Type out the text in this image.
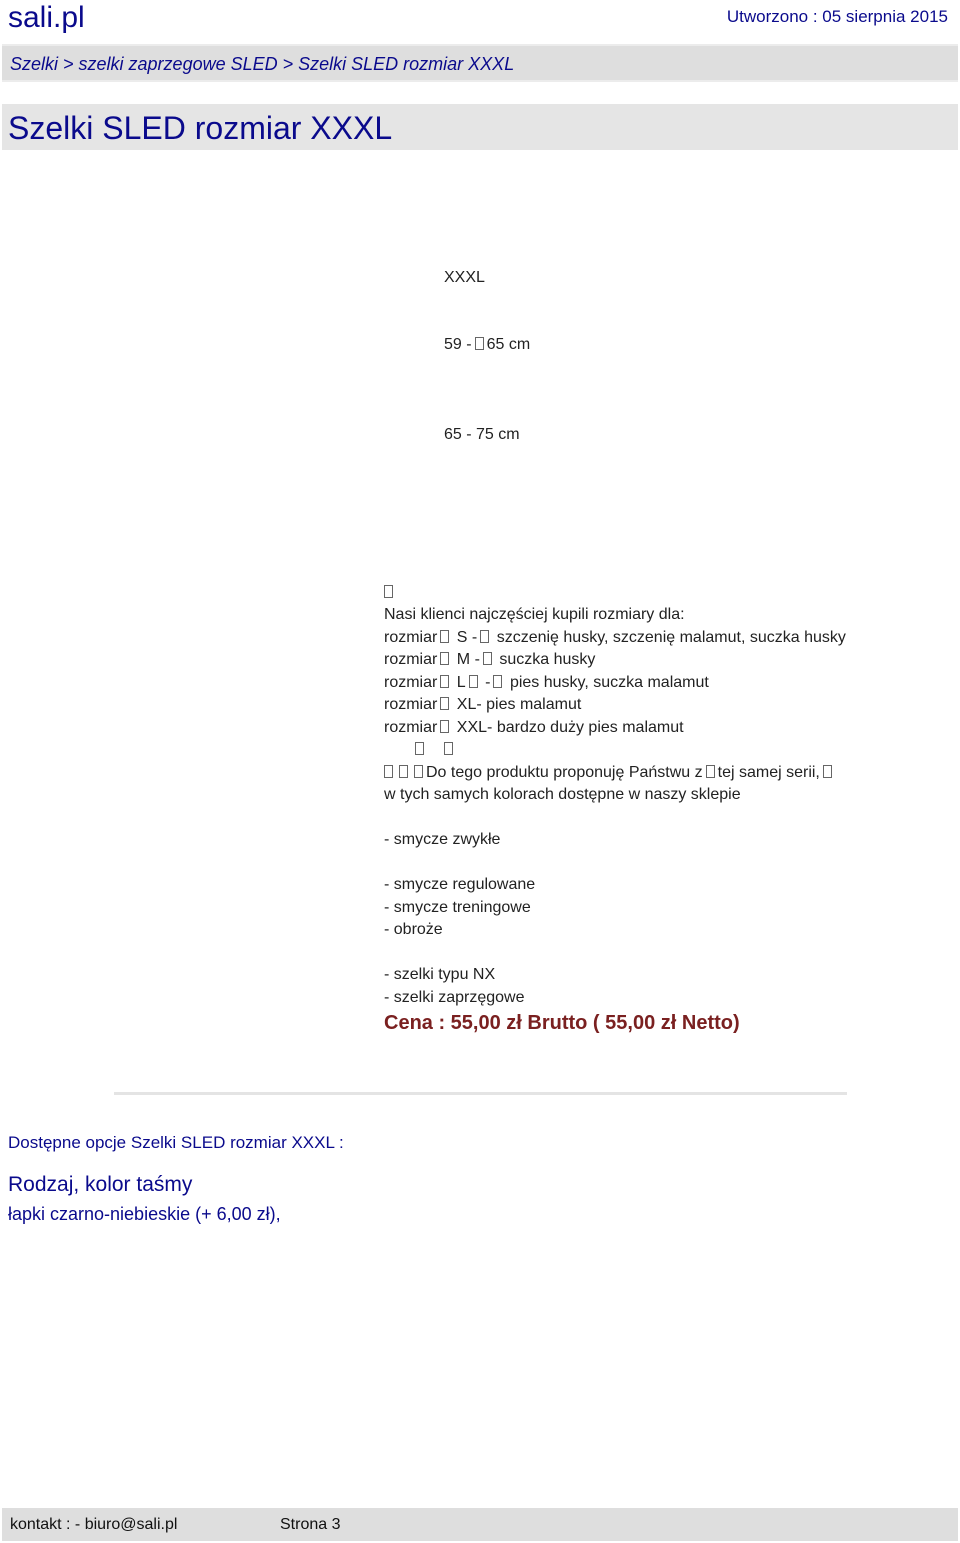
sali.pl	Utworzono : 05 sierpnia 2015
Szelki > szelki zaprzegowe SLED > Szelki SLED rozmiar XXXL
Szelki SLED rozmiar XXXL
XXXL
59 - 65 cm
65 - 75 cm
Nasi klienci najczęściej kupili rozmiary dla:
rozmiar S - szczenię husky, szczenię malamut, suczka husky
rozmiar M - suczka husky
rozmiar L - pies husky, suczka malamut
rozmiar XL- pies malamut
rozmiar XXL- bardzo duży pies malamut
Do tego produktu proponuję Państwu z tej samej serii,
w tych samych kolorach dostępne w naszy sklepie
- smycze zwykłe
- smycze regulowane
- smycze treningowe
- obroże
- szelki typu NX
- szelki zaprzęgowe
Cena : 55,00 zł Brutto ( 55,00 zł Netto)
Dostępne opcje Szelki SLED rozmiar XXXL :
Rodzaj, kolor taśmy
łapki czarno-niebieskie (+ 6,00 zł),
kontakt : - biuro@sali.pl	Strona 3
